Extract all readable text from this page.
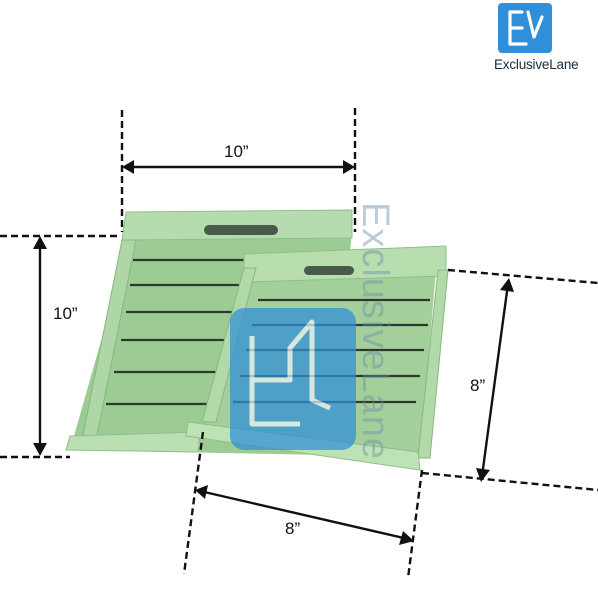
10”
10”
8”
8”
ExclusiveLane
ExclusiveLane
